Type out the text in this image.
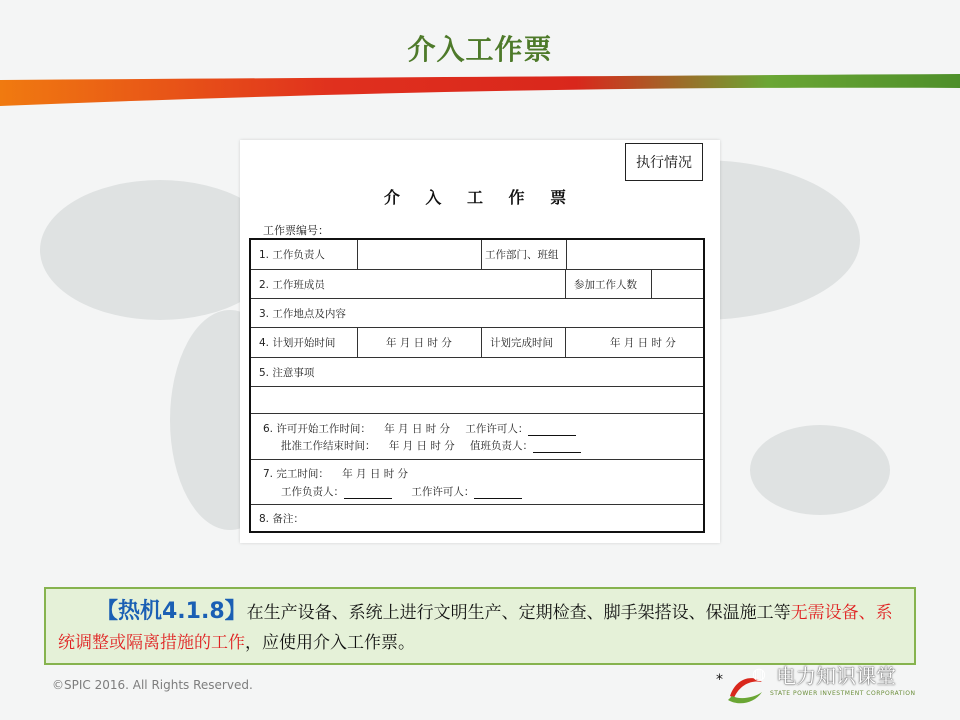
介入工作票
执行情况
介 入 工 作 票
工作票编号：
1. 工作负责人	工作部门、班组
2. 工作班成员	参加工作人数
3. 工作地点及内容
4. 计划开始时间	年 月 日 时 分	计划完成时间	年 月 日 时 分
5. 注意事项
6. 许可开始工作时间： 年 月 日 时 分 工作许可人：
批准工作结束时间： 年 月 日 时 分 值班负责人：
7. 完工时间： 年 月 日 时 分
工作负责人：	工作许可人：
8. 备注：
【热机4.1.8】在生产设备、系统上进行文明生产、定期检查、脚手架搭设、保温施工等无需设备、系统调整或隔离措施的工作，应使用介入工作票。
©SPIC 2016. All Rights Reserved.	*
STATE POWER INVESTMENT CORPORATION
◍ 电力知识课堂
